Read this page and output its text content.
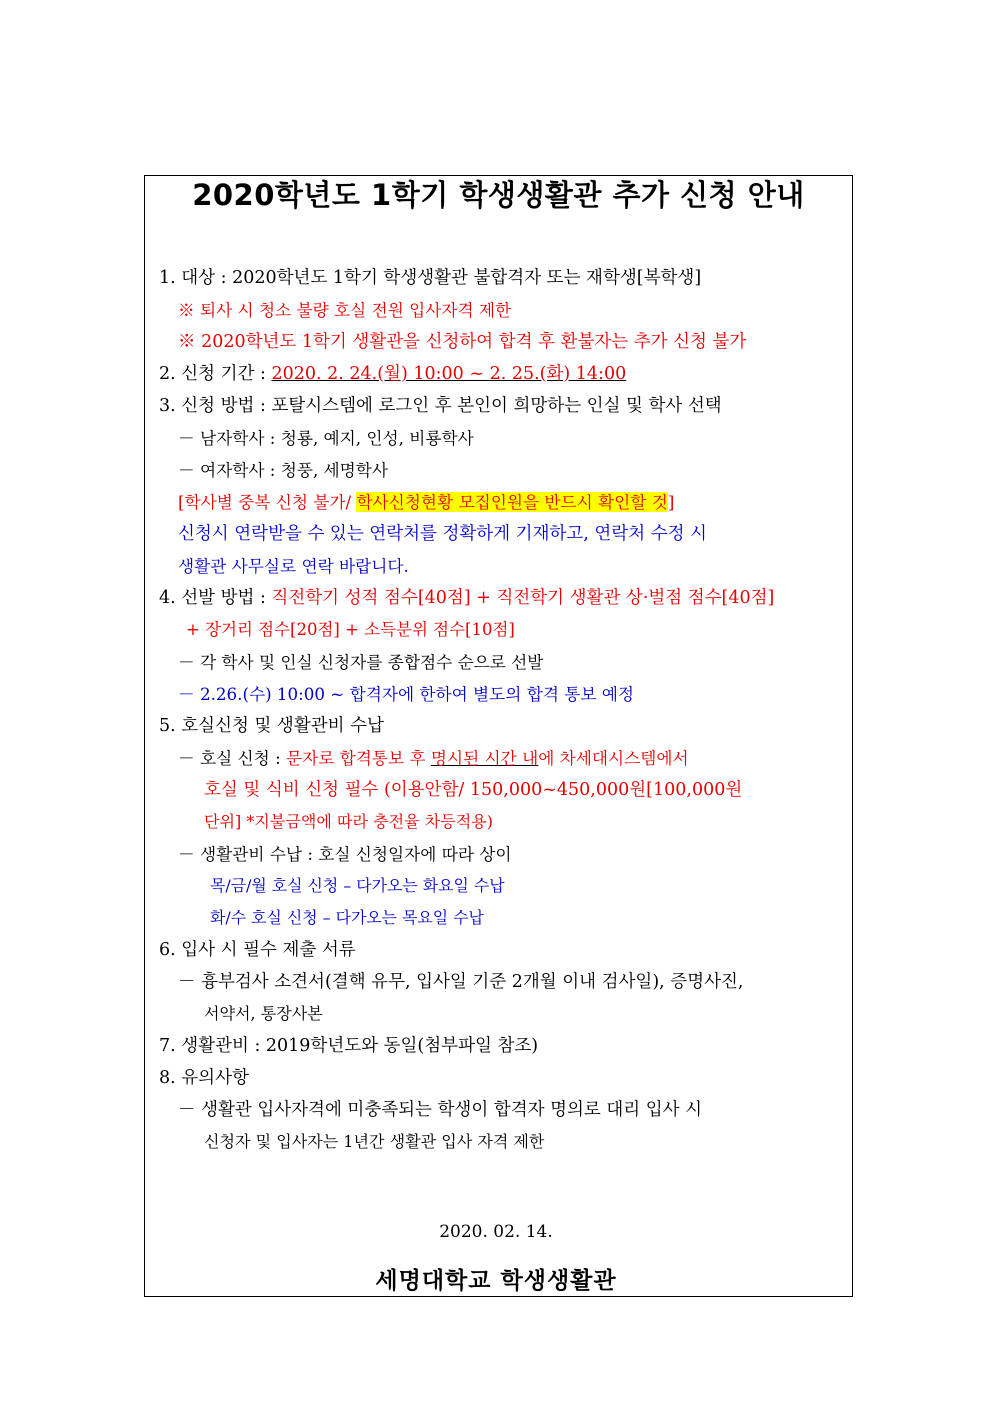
2020학년도 1학기 학생생활관 추가 신청 안내
1. 대상 : 2020학년도 1학기 학생생활관 불합격자 또는 재학생[복학생]
※ 퇴사 시 청소 불량 호실 전원 입사자격 제한
※ 2020학년도 1학기 생활관을 신청하여 합격 후 환불자는 추가 신청 불가
2. 신청 기간 : 2020. 2. 24.(월) 10:00 ~ 2. 25.(화) 14:00
3. 신청 방법 : 포탈시스템에 로그인 후 본인이 희망하는 인실 및 학사 선택
－ 남자학사 : 청룡, 예지, 인성, 비룡학사
－ 여자학사 : 청풍, 세명학사
[학사별 중복 신청 불가/ 학사신청현황 모집인원을 반드시 확인할 것]
신청시 연락받을 수 있는 연락처를 정확하게 기재하고, 연락처 수정 시
생활관 사무실로 연락 바랍니다.
4. 선발 방법 : 직전학기 성적 점수[40점] + 직전학기 생활관 상·벌점 점수[40점]
+ 장거리 점수[20점] + 소득분위 점수[10점]
－ 각 학사 및 인실 신청자를 종합점수 순으로 선발
－ 2.26.(수) 10:00 ~ 합격자에 한하여 별도의 합격 통보 예정
5. 호실신청 및 생활관비 수납
－ 호실 신청 : 문자로 합격통보 후 명시된 시간 내에 차세대시스템에서
호실 및 식비 신청 필수 (이용안함/ 150,000~450,000원[100,000원
단위] *지불금액에 따라 충전율 차등적용)
－ 생활관비 수납 : 호실 신청일자에 따라 상이
목/금/월 호실 신청 – 다가오는 화요일 수납
화/수 호실 신청 – 다가오는 목요일 수납
6. 입사 시 필수 제출 서류
－ 흉부검사 소견서(결핵 유무, 입사일 기준 2개월 이내 검사일), 증명사진,
서약서, 통장사본
7. 생활관비 : 2019학년도와 동일(첨부파일 참조)
8. 유의사항
－ 생활관 입사자격에 미충족되는 학생이 합격자 명의로 대리 입사 시
신청자 및 입사자는 1년간 생활관 입사 자격 제한
2020. 02. 14.
세명대학교 학생생활관
